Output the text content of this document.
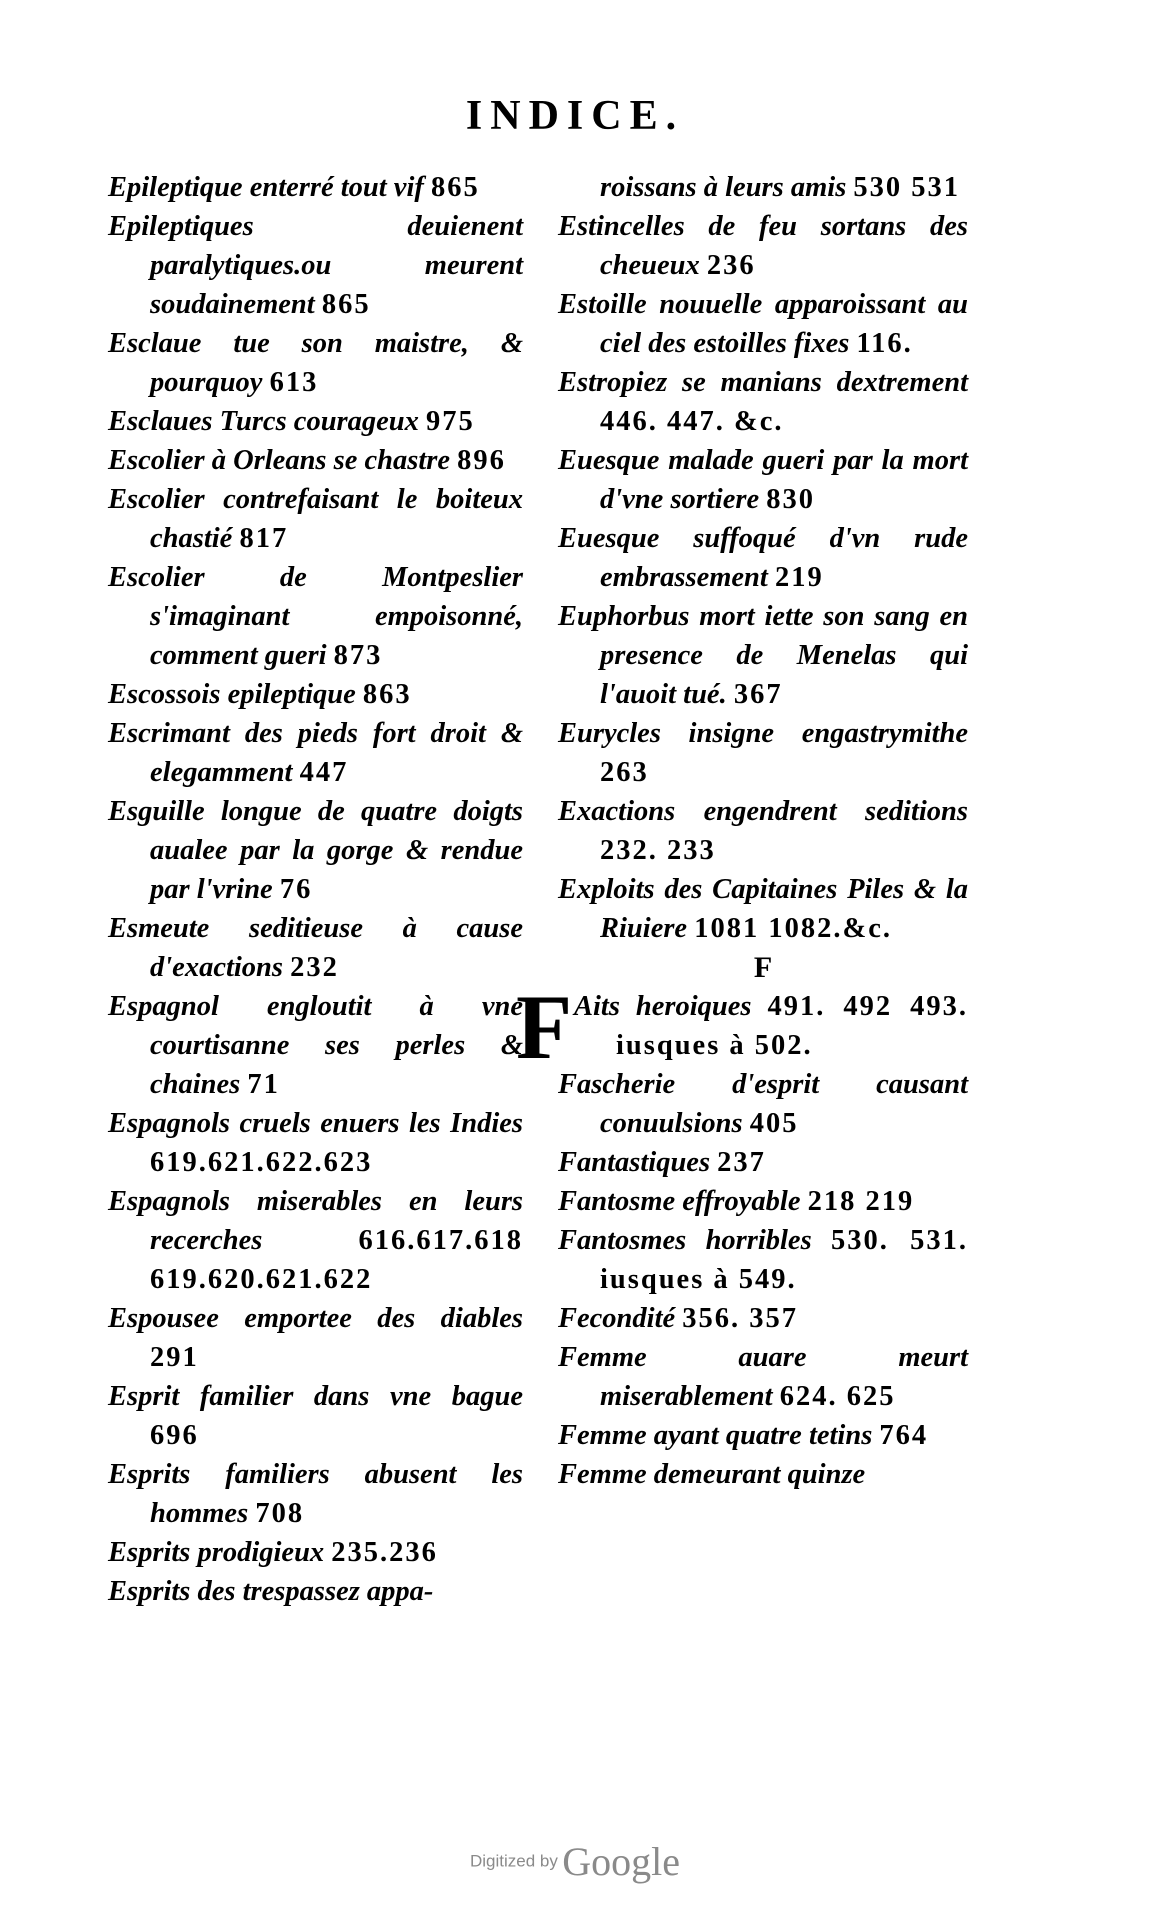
INDICE.

Epileptique enterré tout vif 865

Epileptiques deuienent paralytiques.ou meurent soudainement 865

Esclaue tue son maistre, & pourquoy 613

Esclaues Turcs courageux 975

Escolier à Orleans se chastre 896

Escolier contrefaisant le boiteux chastié 817

Escolier de Montpeslier s'imaginant empoisonné, comment gueri 873

Escossois epileptique 863

Escrimant des pieds fort droit & elegamment 447

Esguille longue de quatre doigts aualee par la gorge & rendue par l'vrine 76

Esmeute seditieuse à cause d'exactions 232

Espagnol engloutit à vne courtisanne ses perles & chaines 71

Espagnols cruels enuers les Indies 619.621.622.623

Espagnols miserables en leurs recerches	616.617.618 619.620.621.622

Espousee emportee des diables 291

Esprit familier dans vne bague 696

Esprits familiers abusent les hommes 708

Esprits prodigieux 235.236

Esprits des trespassez appa-

roissans à leurs amis 530 531

Estincelles de feu sortans des cheueux 236

Estoille nouuelle apparoissant au ciel des estoilles fixes 116.

Estropiez se manians dextrement 446. 447. &c.

Euesque malade gueri par la mort d'vne sortiere 830

Euesque suffoqué d'vn rude embrassement 219

Euphorbus mort iette son sang en presence de Menelas qui l'auoit tué. 367

Eurycles insigne engastrymithe 263

Exactions engendrent seditions 232. 233

Exploits des Capitaines Piles & la Riuiere 1081 1082.&c.

F

F Aits heroiques 491. 492 493. iusques à 502.

Fascherie d'esprit causant conuulsions 405

Fantastiques 237

Fantosme effroyable 218 219

Fantosmes horribles 530. 531. iusques à 549.

Fecondité 356. 357

Femme auare meurt miserablement 624. 625

Femme ayant quatre tetins 764

Femme demeurant quinze

Digitized by Google
